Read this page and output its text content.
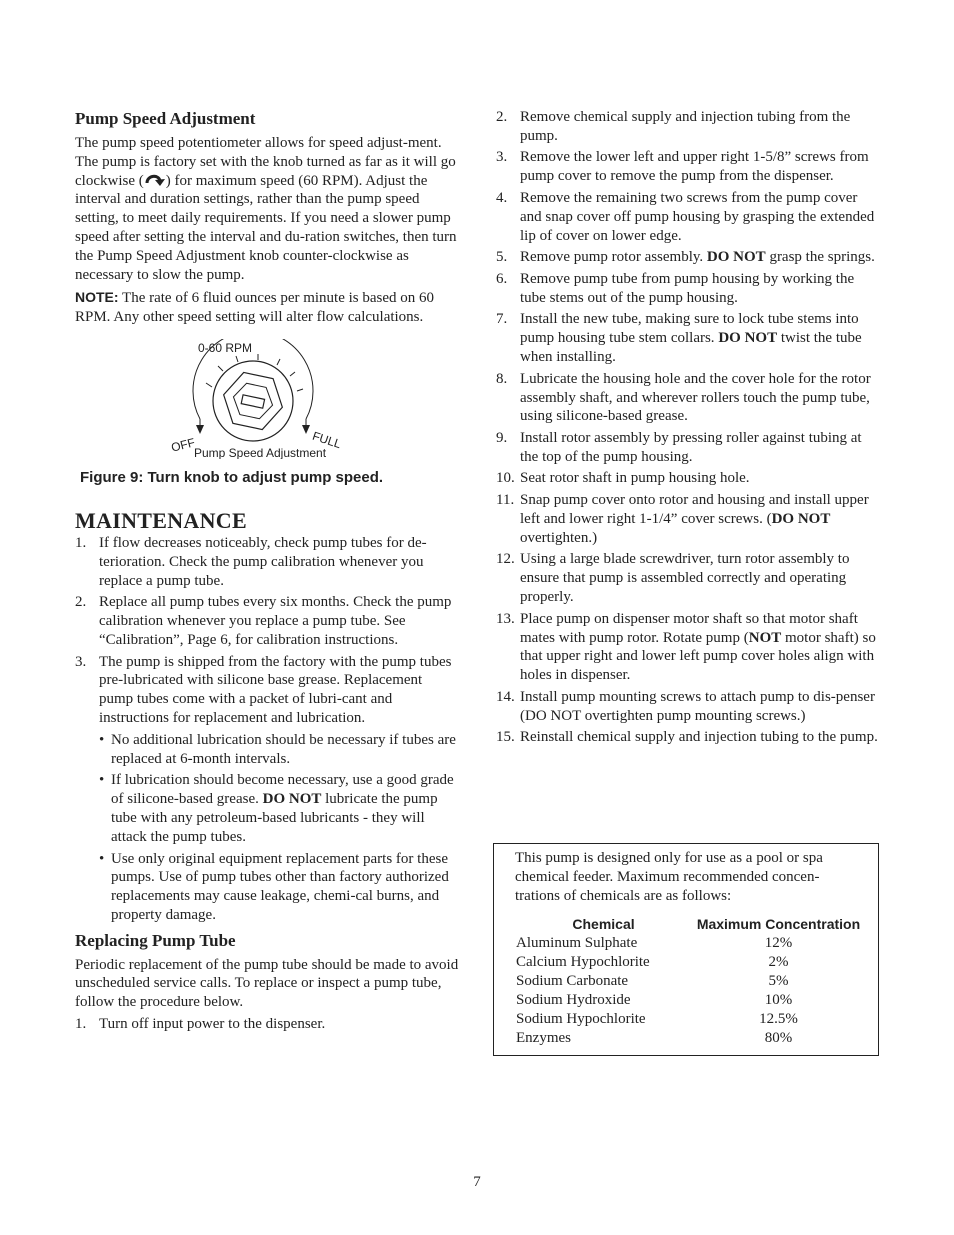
Pump Speed Adjustment

The pump speed potentiometer allows for speed adjust-ment. The pump is factory set with the knob turned as far as it will go clockwise ( ) for maximum speed (60 RPM). Adjust the interval and duration settings, rather than the pump speed setting, to meet daily requirements. If you need a slower pump speed after setting the interval and du-ration switches, then turn the Pump Speed Adjustment knob counter-clockwise as necessary to slow the pump.

NOTE: The rate of 6 fluid ounces per minute is based on 60 RPM. Any other speed setting will alter flow calculations.

0-60 RPM
OFF	FULL
Pump Speed Adjustment
Figure 9: Turn knob to adjust pump speed.
MAINTENANCE
1. If flow decreases noticeably, check pump tubes for de-terioration. Check the pump calibration whenever you replace a pump tube.
2. Replace all pump tubes every six months. Check the pump calibration whenever you replace a pump tube. See “Calibration”, Page 6, for calibration instructions.
3. The pump is shipped from the factory with the pump tubes pre-lubricated with silicone base grease. Replacement pump tubes come with a packet of lubri-cant and instructions for replacement and lubrication.
• No additional lubrication should be necessary if tubes are replaced at 6-month intervals.
• If lubrication should become necessary, use a good grade of silicone-based grease. DO NOT lubricate the pump tube with any petroleum-based lubricants - they will attack the pump tubes.
• Use only original equipment replacement parts for these pumps. Use of pump tubes other than factory authorized replacements may cause leakage, chemi-cal burns, and property damage.
Replacing Pump Tube

Periodic replacement of the pump tube should be made to avoid unscheduled service calls. To replace or inspect a pump tube, follow the procedure below.

1. Turn off input power to the dispenser.
2. Remove chemical supply and injection tubing from the pump.
3. Remove the lower left and upper right 1-5/8” screws from pump cover to remove the pump from the dispenser.
4. Remove the remaining two screws from the pump cover and snap cover off pump housing by grasping the extended lip of cover on lower edge.
5. Remove pump rotor assembly. DO NOT grasp the springs.
6. Remove pump tube from pump housing by working the tube stems out of the pump housing.
7. Install the new tube, making sure to lock tube stems into pump housing tube stem collars. DO NOT twist the tube when installing.
8. Lubricate the housing hole and the cover hole for the rotor assembly shaft, and wherever rollers touch the pump tube, using silicone-based grease.
9. Install rotor assembly by pressing roller against tubing at the top of the pump housing.
10. Seat rotor shaft in pump housing hole.
11. Snap pump cover onto rotor and housing and install upper left and lower right 1-1/4” cover screws. (DO NOT overtighten.)
12. Using a large blade screwdriver, turn rotor assembly to ensure that pump is assembled correctly and operating properly.
13. Place pump on dispenser motor shaft so that motor shaft mates with pump rotor. Rotate pump (NOT motor shaft) so that upper right and lower left pump cover holes align with holes in dispenser.
14. Install pump mounting screws to attach pump to dis-penser (DO NOT overtighten pump mounting screws.)
15. Reinstall chemical supply and injection tubing to the pump.
This pump is designed only for use as a pool or spa chemical feeder. Maximum recommended concen-trations of chemicals are as follows:
Chemical	Maximum Concentration
Aluminum Sulphate	12%
Calcium Hypochlorite	2%
Sodium Carbonate	5%
Sodium Hydroxide	10%
Sodium Hypochlorite	12.5%
Enzymes	80%
7
